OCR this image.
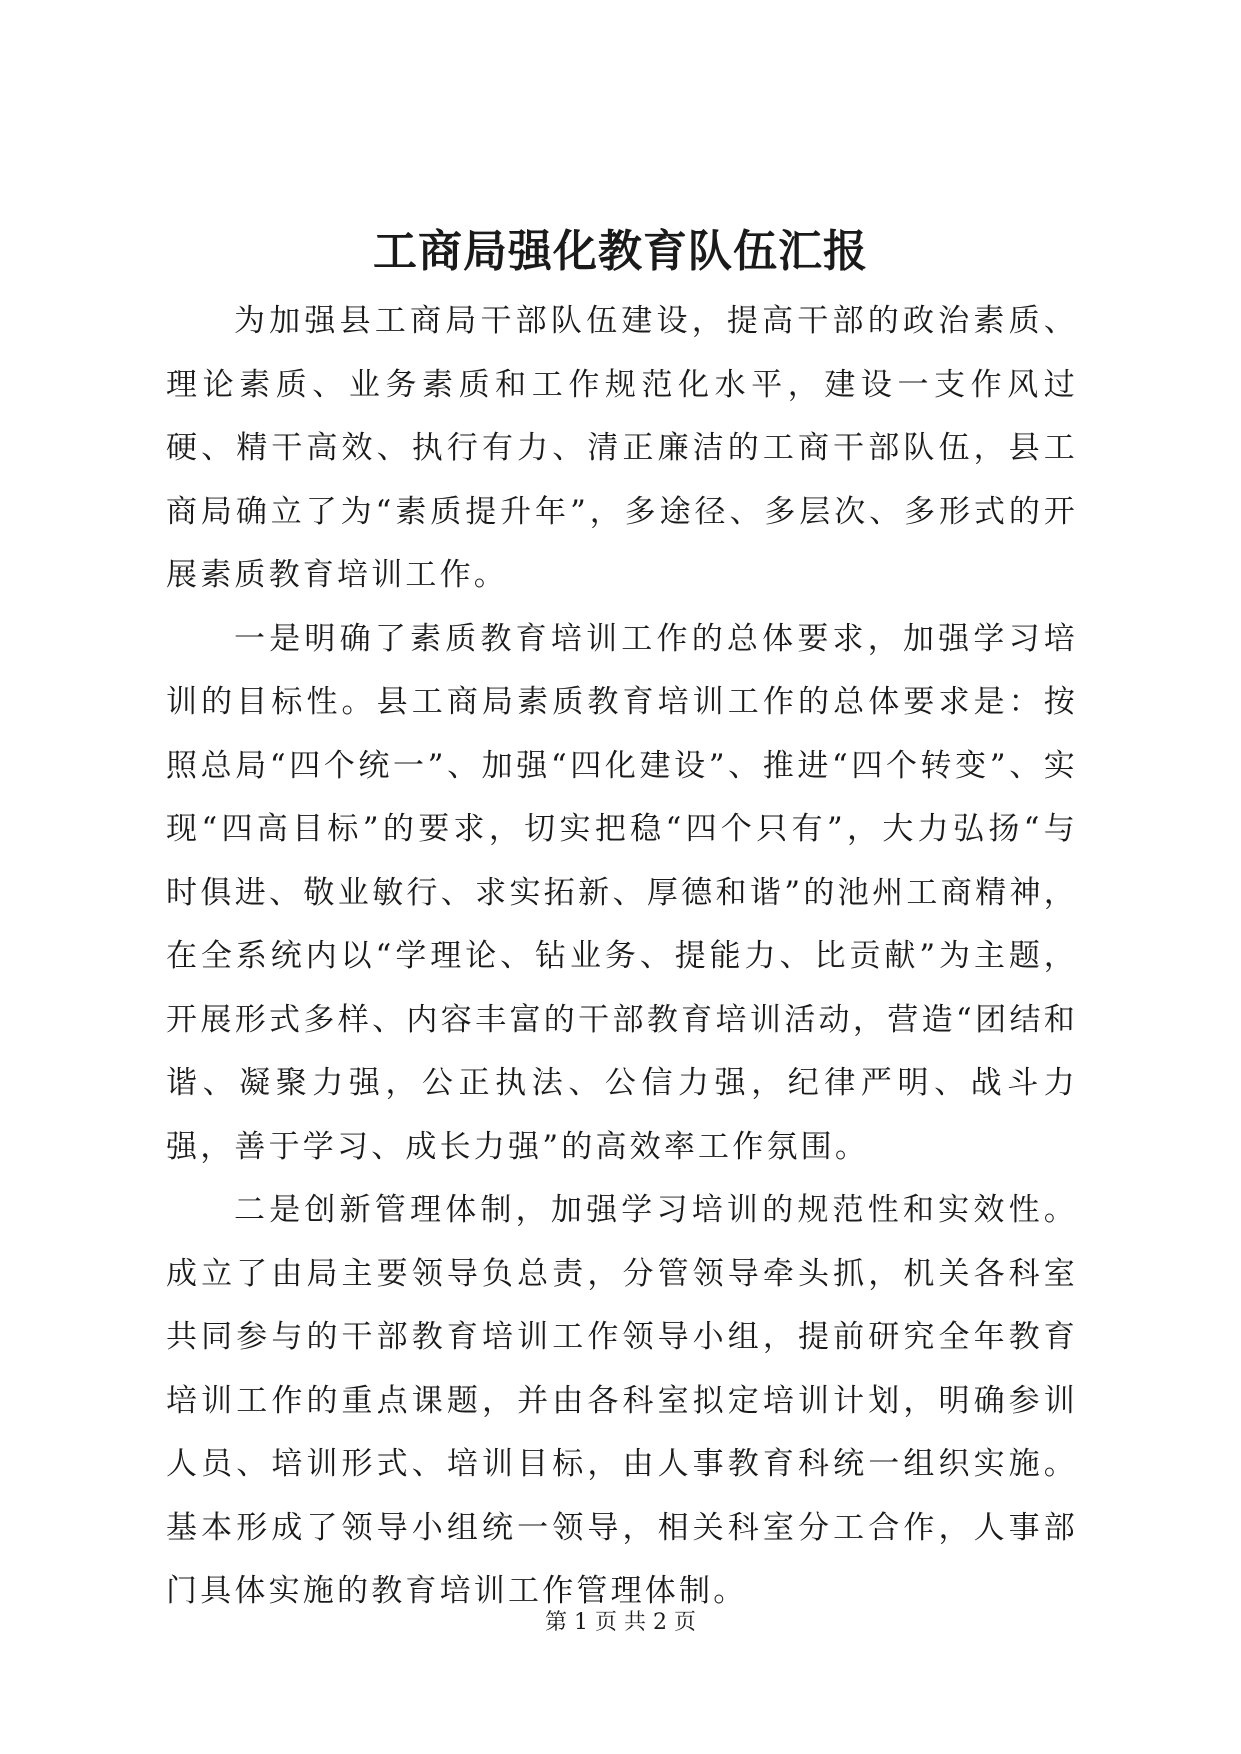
工商局强化教育队伍汇报

为加强县工商局干部队伍建设，提高干部的政治素质、理论素质、业务素质和工作规范化水平，建设一支作风过硬、精干高效、执行有力、清正廉洁的工商干部队伍，县工商局确立了为“素质提升年”，多途径、多层次、多形式的开展素质教育培训工作。

一是明确了素质教育培训工作的总体要求，加强学习培训的目标性。县工商局素质教育培训工作的总体要求是：按照总局“四个统一”、加强“四化建设”、推进“四个转变”、实现“四高目标”的要求，切实把稳“四个只有”，大力弘扬“与时俱进、敬业敏行、求实拓新、厚德和谐”的池州工商精神，在全系统内以“学理论、钻业务、提能力、比贡献”为主题，开展形式多样、内容丰富的干部教育培训活动，营造“团结和谐、凝聚力强，公正执法、公信力强，纪律严明、战斗力强，善于学习、成长力强”的高效率工作氛围。

二是创新管理体制，加强学习培训的规范性和实效性。成立了由局主要领导负总责，分管领导牵头抓，机关各科室共同参与的干部教育培训工作领导小组，提前研究全年教育培训工作的重点课题，并由各科室拟定培训计划，明确参训人员、培训形式、培训目标，由人事教育科统一组织实施。基本形成了领导小组统一领导，相关科室分工合作，人事部门具体实施的教育培训工作管理体制。

第 1 页 共 2 页
